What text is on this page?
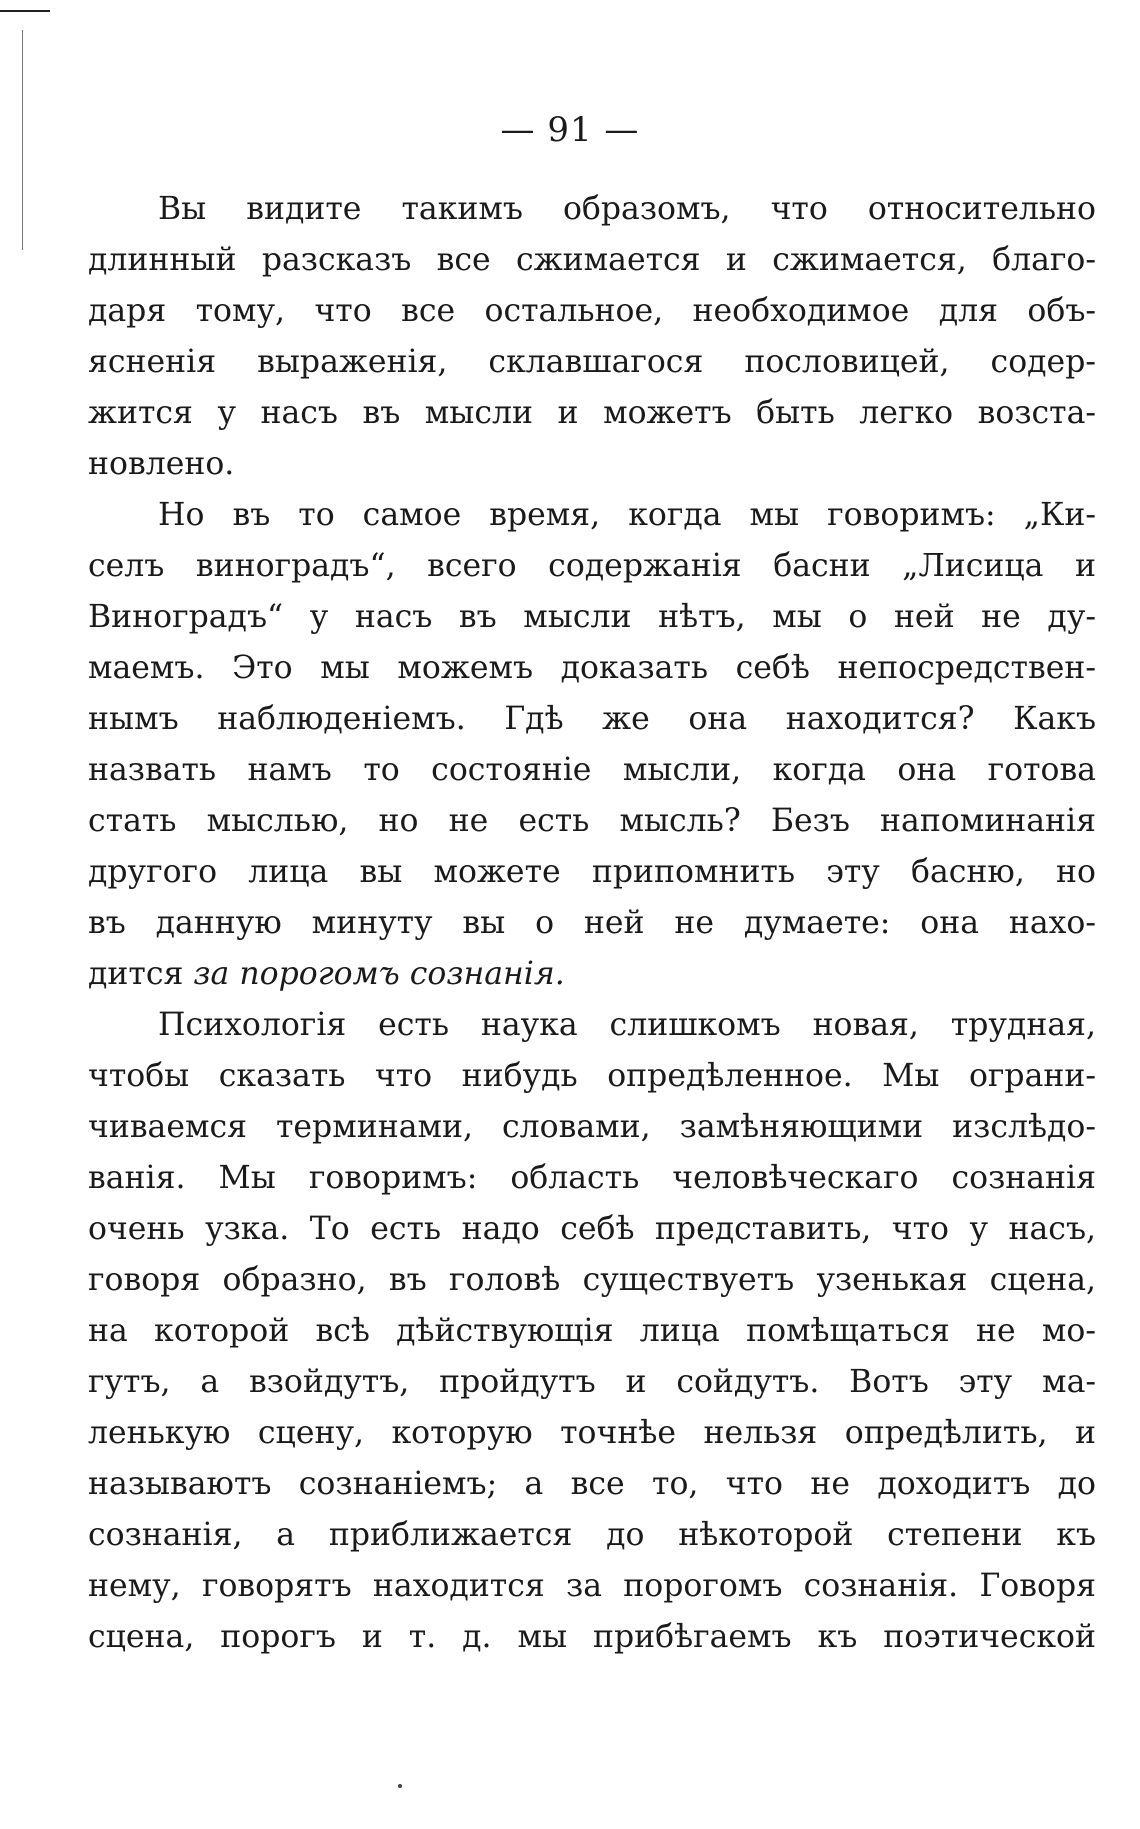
— 91 —
Вы видите такимъ образомъ, что относительно
длинный разсказъ все сжимается и сжимается, благо-
даря тому, что все остальное, необходимое для объ-
ясненія выраженія, склавшагося пословицей, содер-
жится у насъ въ мысли и можетъ быть легко возста-
новлено.
Но въ то самое время, когда мы говоримъ: „Ки-
селъ виноградъ“, всего содержанія басни „Лисица и
Виноградъ“ у насъ въ мысли нѣтъ, мы о ней не ду-
маемъ. Это мы можемъ доказать себѣ непосредствен-
нымъ наблюденіемъ. Гдѣ же она находится? Какъ
назвать намъ то состояніе мысли, когда она готова
стать мыслью, но не есть мысль? Безъ напоминанія
другого лица вы можете припомнить эту басню, но
въ данную минуту вы о ней не думаете: она нахо-
дится за порогомъ сознанія.
Психологія есть наука слишкомъ новая, трудная,
чтобы сказать что нибудь опредѣленное. Мы ограни-
чиваемся терминами, словами, замѣняющими изслѣдо-
ванія. Мы говоримъ: область человѣческаго сознанія
очень узка. То есть надо себѣ представить, что у насъ,
говоря образно, въ головѣ существуетъ узенькая сцена,
на которой всѣ дѣйствующія лица помѣщаться не мо-
гутъ, а взойдутъ, пройдутъ и сойдутъ. Вотъ эту ма-
ленькую сцену, которую точнѣе нельзя опредѣлить, и
называютъ сознаніемъ; а все то, что не доходитъ до
сознанія, а приближается до нѣкоторой степени къ
нему, говорятъ находится за порогомъ сознанія. Говоря
сцена, порогъ и т. д. мы прибѣгаемъ къ поэтической
